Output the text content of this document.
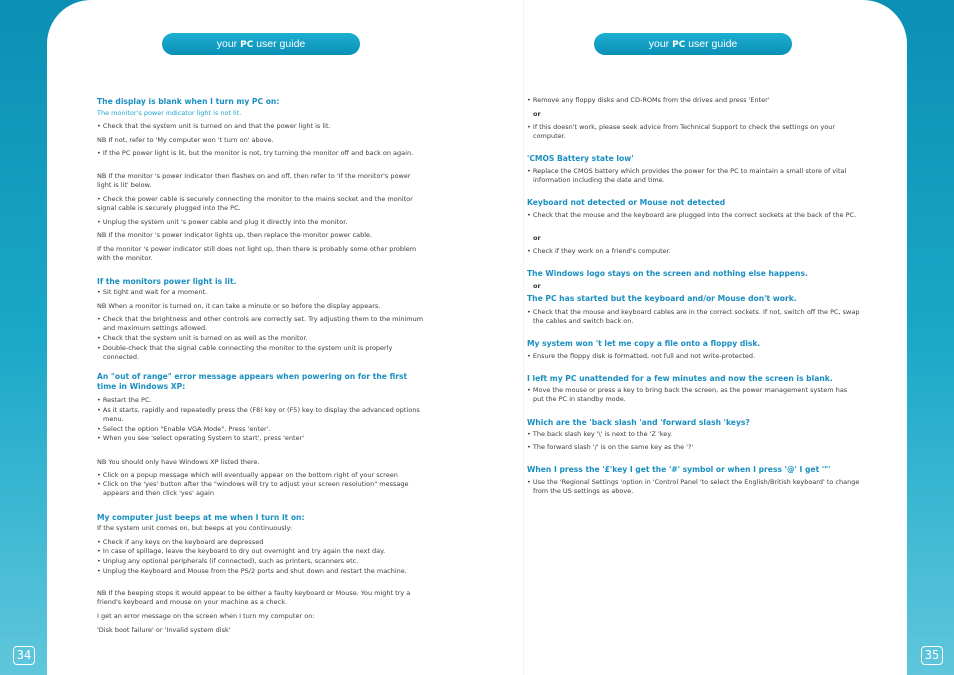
your PC user guide	your PC user guide
The display is blank when I turn my PC on:
The monitor's power indicator light is not lit.
• Check that the system unit is turned on and that the power light is lit.
NB If not, refer to 'My computer won 't turn on' above.
• If the PC power light is lit, but the monitor is not, try turning the monitor off and back on again.
NB If the monitor 's power indicator then flashes on and off, then refer to 'If the monitor's power light is lit' below.
• Check the power cable is securely connecting the monitor to the mains socket and the monitor signal cable is securely plugged into the PC.
• Unplug the system unit 's power cable and plug it directly into the monitor.
NB If the monitor 's power indicator lights up, then replace the monitor power cable.
If the monitor 's power indicator still does not light up, then there is probably some other problem with the monitor.
If the monitors power light is lit.
• Sit tight and wait for a moment.
NB When a monitor is turned on, it can take a minute or so before the display appears.
• Check that the brightness and other controls are correctly set. Try adjusting them to the minimum and maximum settings allowed.
• Check that the system unit is turned on as well as the monitor.
• Double-check that the signal cable connecting the monitor to the system unit is properly connected.
An "out of range" error message appears when powering on for the first time in Windows XP:
• Restart the PC.
• As it starts, rapidly and repeatedly press the (F8) key or (F5) key to display the advanced options menu.
• Select the option "Enable VGA Mode". Press 'enter'.
• When you see 'select operating System to start', press 'enter'
NB You should only have Windows XP listed there.
• Click on a popup message which will eventually appear on the bottom right of your screen
• Click on the 'yes' button after the "windows will try to adjust your screen resolution" message appears and then click 'yes' again
My computer just beeps at me when I turn it on:
If the system unit comes on, but beeps at you continuously:
• Check if any keys on the keyboard are depressed
• In case of spillage, leave the keyboard to dry out overnight and try again the next day.
• Unplug any optional peripherals (if connected), such as printers, scanners etc.
• Unplug the Keyboard and Mouse from the PS/2 ports and shut down and restart the machine.
NB If the beeping stops it would appear to be either a faulty keyboard or Mouse. You might try a friend's keyboard and mouse on your machine as a check.
I get an error message on the screen when I turn my computer on:
'Disk boot failure' or 'Invalid system disk'
• Remove any floppy disks and CD-ROMs from the drives and press 'Enter'
or
• If this doesn't work, please seek advice from Technical Support to check the settings on your computer.
'CMOS Battery state low'
• Replace the CMOS battery which provides the power for the PC to maintain a small store of vital information including the date and time.
Keyboard not detected or Mouse not detected
• Check that the mouse and the keyboard are plugged into the correct sockets at the back of the PC.
or
• Check if they work on a friend's computer.
The Windows logo stays on the screen and nothing else happens.
or
The PC has started but the keyboard and/or Mouse don't work.
• Check that the mouse and keyboard cables are in the correct sockets. If not, switch off the PC, swap the cables and switch back on.
My system won 't let me copy a file onto a floppy disk.
• Ensure the floppy disk is formatted, not full and not write-protected.
I left my PC unattended for a few minutes and now the screen is blank.
• Move the mouse or press a key to bring back the screen, as the power management system has put the PC in standby mode.
Which are the 'back slash 'and 'forward slash 'keys?
• The back slash key '\' is next to the 'Z 'key.
• The forward slash '/' is on the same key as the '?'
When I press the '£'key I get the '#' symbol or when I press '@' I get '"'
• Use the 'Regional Settings 'option in 'Control Panel 'to select the English/British keyboard' to change from the US settings as above.
34	35
